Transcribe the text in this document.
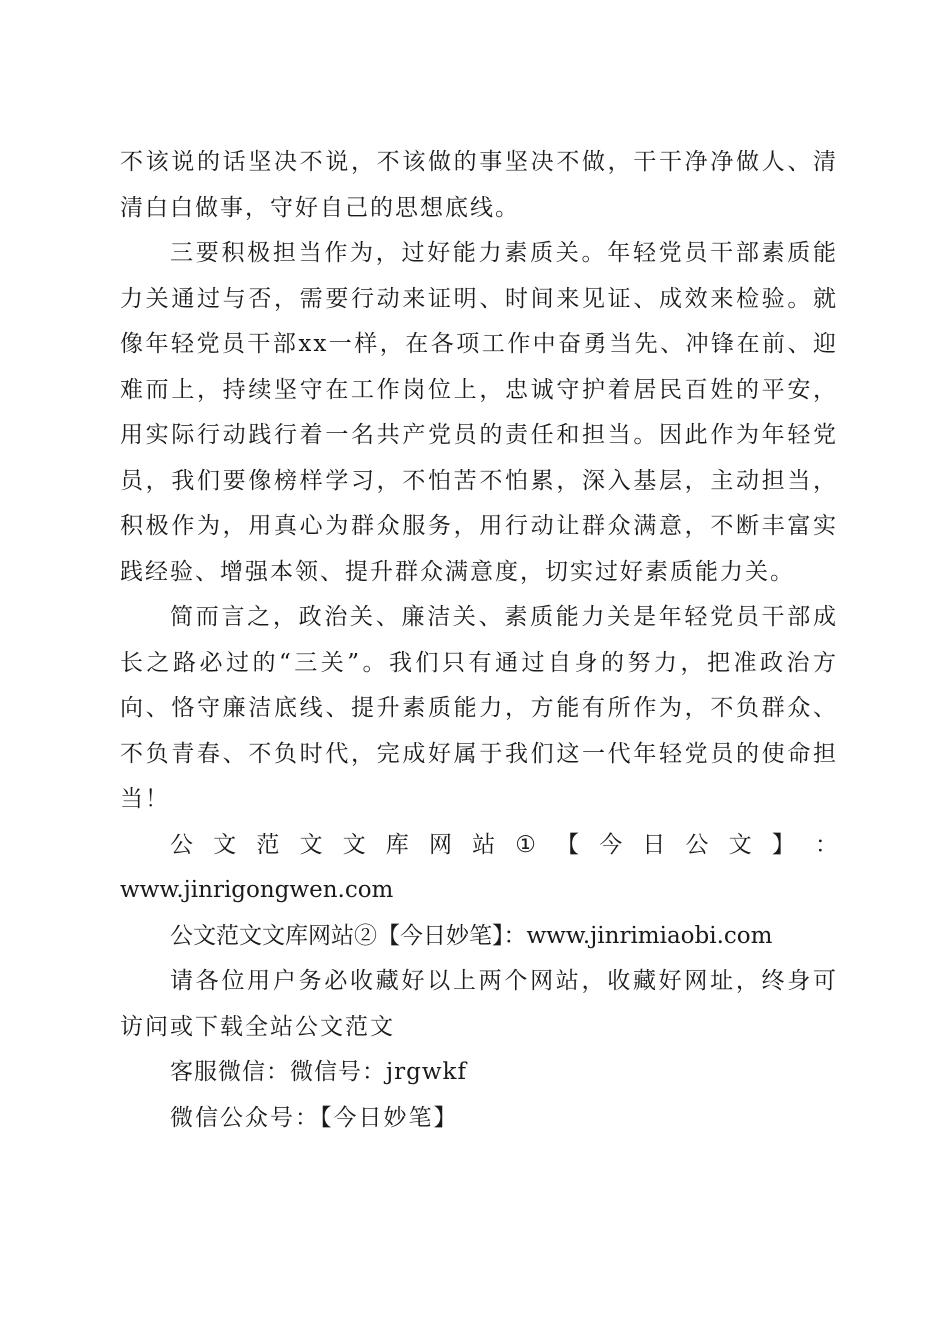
不该说的话坚决不说，不该做的事坚决不做，干干净净做人、清清白白做事，守好自己的思想底线。

三要积极担当作为，过好能力素质关。年轻党员干部素质能力关通过与否，需要行动来证明、时间来见证、成效来检验。就像年轻党员干部xx一样，在各项工作中奋勇当先、冲锋在前、迎难而上，持续坚守在工作岗位上，忠诚守护着居民百姓的平安，用实际行动践行着一名共产党员的责任和担当。因此作为年轻党员，我们要像榜样学习，不怕苦不怕累，深入基层，主动担当，积极作为，用真心为群众服务，用行动让群众满意，不断丰富实践经验、增强本领、提升群众满意度，切实过好素质能力关。

简而言之，政治关、廉洁关、素质能力关是年轻党员干部成长之路必过的“三关”。我们只有通过自身的努力，把准政治方向、恪守廉洁底线、提升素质能力，方能有所作为，不负群众、不负青春、不负时代，完成好属于我们这一代年轻党员的使命担当！

公 文 范 文 文 库 网 站 ① 【 今 日 公 文 】 ：

www.jinrigongwen.com

公文范文文库网站②【今日妙笔】：www.jinrimiaobi.com

请各位用户务必收藏好以上两个网站，收藏好网址，终身可访问或下载全站公文范文

客服微信：微信号：jrgwkf

微信公众号：【今日妙笔】
